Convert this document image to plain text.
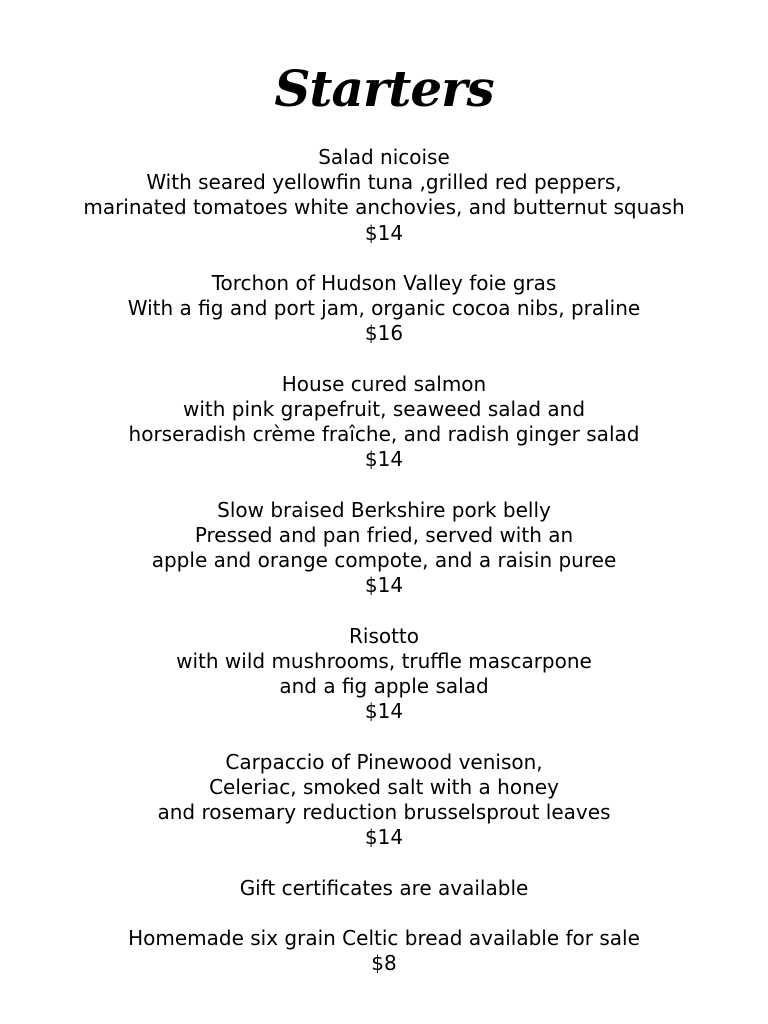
Starters
Salad nicoise
With seared yellowfin tuna ,grilled red peppers,
marinated tomatoes white anchovies, and butternut squash
$14
Torchon of Hudson Valley foie gras
With a fig and port jam, organic cocoa nibs, praline
$16
House cured salmon
with pink grapefruit, seaweed salad and
horseradish crème fraîche, and radish ginger salad
$14
Slow braised Berkshire pork belly
Pressed and pan fried, served with an
apple and orange compote, and a raisin puree
$14
Risotto
with wild mushrooms, truffle mascarpone
and a fig apple salad
$14
Carpaccio of Pinewood venison,
Celeriac, smoked salt with a honey
and rosemary reduction brusselsprout leaves
$14
Gift certificates are available
Homemade six grain Celtic bread available for sale
$8
